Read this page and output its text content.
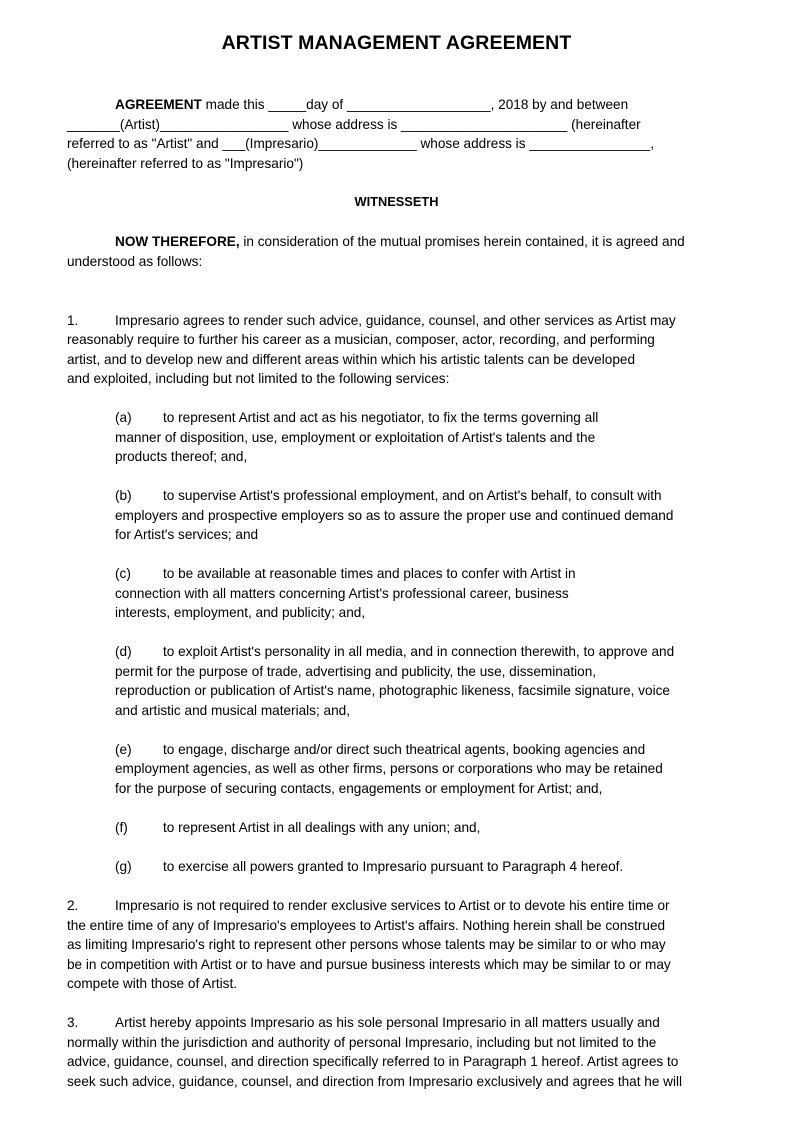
ARTIST MANAGEMENT AGREEMENT
AGREEMENT made this _____day of ___________________, 2018 by and between
_______(Artist)_________________ whose address is ______________________ (hereinafter
referred to as "Artist" and ___(Impresario)_____________ whose address is ________________,
(hereinafter referred to as "Impresario")
WITNESSETH
NOW THEREFORE, in consideration of the mutual promises herein contained, it is agreed and
understood as follows:
1.	Impresario agrees to render such advice, guidance, counsel, and other services as Artist may
reasonably require to further his career as a musician, composer, actor, recording, and performing
artist, and to develop new and different areas within which his artistic talents can be developed
and exploited, including but not limited to the following services:
(a) to represent Artist and act as his negotiator, to fix the terms governing all
manner of disposition, use, employment or exploitation of Artist's talents and the
products thereof; and,
(b) to supervise Artist's professional employment, and on Artist's behalf, to consult with
employers and prospective employers so as to assure the proper use and continued demand
for Artist's services; and
(c) to be available at reasonable times and places to confer with Artist in
connection with all matters concerning Artist's professional career, business
interests, employment, and publicity; and,
(d) to exploit Artist's personality in all media, and in connection therewith, to approve and
permit for the purpose of trade, advertising and publicity, the use, dissemination,
reproduction or publication of Artist's name, photographic likeness, facsimile signature, voice
and artistic and musical materials; and,
(e) to engage, discharge and/or direct such theatrical agents, booking agencies and
employment agencies, as well as other firms, persons or corporations who may be retained
for the purpose of securing contacts, engagements or employment for Artist; and,
(f)	to represent Artist in all dealings with any union; and,
(g) to exercise all powers granted to Impresario pursuant to Paragraph 4 hereof.
2.	Impresario is not required to render exclusive services to Artist or to devote his entire time or
the entire time of any of Impresario's employees to Artist's affairs. Nothing herein shall be construed
as limiting Impresario's right to represent other persons whose talents may be similar to or who may
be in competition with Artist or to have and pursue business interests which may be similar to or may
compete with those of Artist.
3.	Artist hereby appoints Impresario as his sole personal Impresario in all matters usually and
normally within the jurisdiction and authority of personal Impresario, including but not limited to the
advice, guidance, counsel, and direction specifically referred to in Paragraph 1 hereof. Artist agrees to
seek such advice, guidance, counsel, and direction from Impresario exclusively and agrees that he will
